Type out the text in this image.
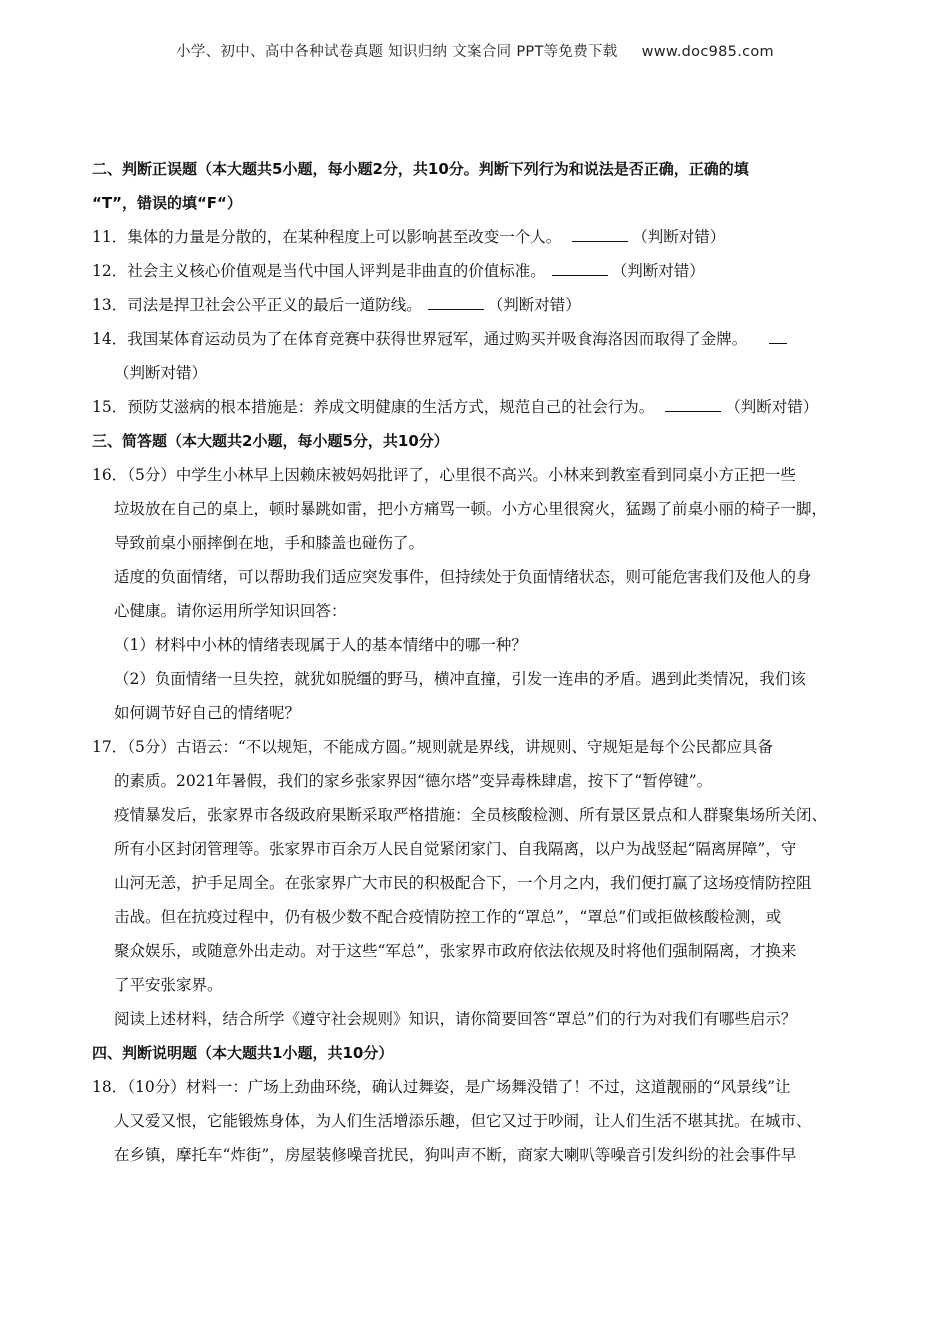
小学、初中、高中各种试卷真题 知识归纳 文案合同 PPT等免费下载 www.doc985.com
二、判断正误题（本大题共5小题，每小题2分，共10分。判断下列行为和说法是否正确，正确的填
“T”，错误的填“F“）
11．集体的力量是分散的，在某种程度上可以影响甚至改变一个人。	（判断对错）
12．社会主义核心价值观是当代中国人评判是非曲直的价值标准。	（判断对错）
13．司法是捍卫社会公平正义的最后一道防线。	（判断对错）
14．我国某体育运动员为了在体育竞赛中获得世界冠军，通过购买并吸食海洛因而取得了金牌。
（判断对错）
15．预防艾滋病的根本措施是：养成文明健康的生活方式，规范自己的社会行为。	（判断对错）
三、简答题（本大题共2小题，每小题5分，共10分）
16．（5分）中学生小林早上因赖床被妈妈批评了，心里很不高兴。小林来到教室看到同桌小方正把一些
垃圾放在自己的桌上，顿时暴跳如雷，把小方痛骂一顿。小方心里很窝火，猛踢了前桌小丽的椅子一脚，
导致前桌小丽摔倒在地，手和膝盖也碰伤了。
适度的负面情绪，可以帮助我们适应突发事件，但持续处于负面情绪状态，则可能危害我们及他人的身
心健康。请你运用所学知识回答：
（1）材料中小林的情绪表现属于人的基本情绪中的哪一种？
（2）负面情绪一旦失控，就犹如脱缰的野马，横冲直撞，引发一连串的矛盾。遇到此类情况，我们该
如何调节好自己的情绪呢？
17．（5分）古语云：“不以规矩，不能成方圆。”规则就是界线，讲规则、守规矩是每个公民都应具备
的素质。2021年暑假，我们的家乡张家界因“德尔塔”变异毒株肆虐，按下了“暂停键”。
疫情暴发后，张家界市各级政府果断采取严格措施：全员核酸检测、所有景区景点和人群聚集场所关闭、
所有小区封闭管理等。张家界市百余万人民自觉紧闭家门、自我隔离，以户为战竖起“隔离屏障”，守
山河无恙，护手足周全。在张家界广大市民的积极配合下，一个月之内，我们便打赢了这场疫情防控阻
击战。但在抗疫过程中，仍有极少数不配合疫情防控工作的“罩总”，“罩总”们或拒做核酸检测，或
聚众娱乐，或随意外出走动。对于这些“军总”，张家界市政府依法依规及时将他们强制隔离，才换来
了平安张家界。
阅读上述材料，结合所学《遵守社会规则》知识，请你简要回答“罩总”们的行为对我们有哪些启示？
四、判断说明题（本大题共1小题，共10分）
18．（10分）材料一：广场上劲曲环绕，确认过舞姿，是广场舞没错了！不过，这道靓丽的“风景线”让
人又爱又恨，它能锻炼身体，为人们生活增添乐趣，但它又过于吵闹，让人们生活不堪其扰。在城市、
在乡镇，摩托车“炸街”，房屋装修噪音扰民，狗叫声不断，商家大喇叭等噪音引发纠纷的社会事件早
